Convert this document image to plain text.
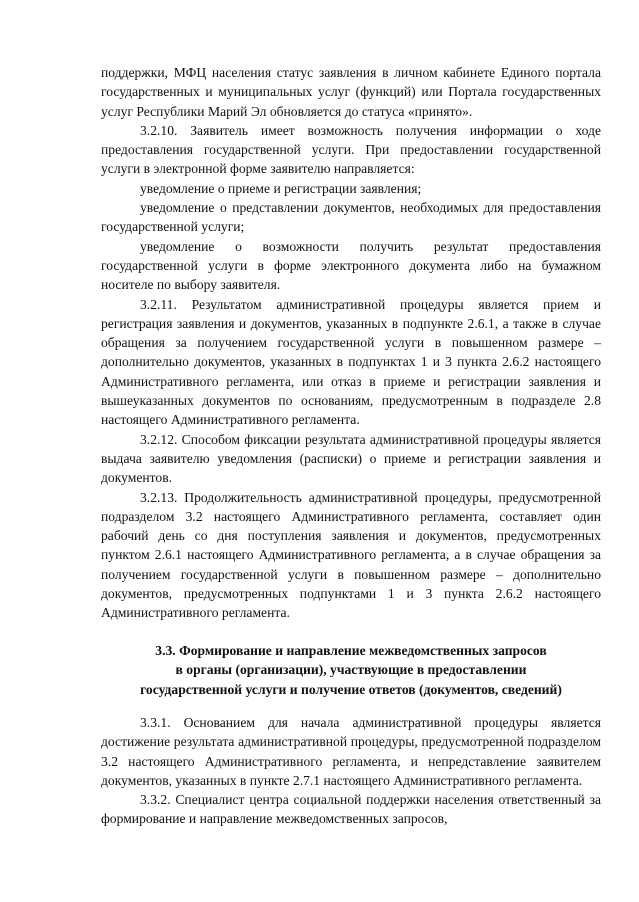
поддержки, МФЦ населения статус заявления в личном кабинете Единого портала государственных и муниципальных услуг (функций) или Портала государственных услуг Республики Марий Эл обновляется до статуса «принято».

3.2.10. Заявитель имеет возможность получения информации о ходе предоставления государственной услуги. При предоставлении государственной услуги в электронной форме заявителю направляется:

уведомление о приеме и регистрации заявления;

уведомление о представлении документов, необходимых для предоставления государственной услуги;

уведомление о возможности получить результат предоставления государственной услуги в форме электронного документа либо на бумажном носителе по выбору заявителя.

3.2.11. Результатом административной процедуры является прием и регистрация заявления и документов, указанных в подпункте 2.6.1, а также в случае обращения за получением государственной услуги в повышенном размере – дополнительно документов, указанных в подпунктах 1 и 3 пункта 2.6.2 настоящего Административного регламента, или отказ в приеме и регистрации заявления и вышеуказанных документов по основаниям, предусмотренным в подразделе 2.8 настоящего Административного регламента.

3.2.12. Способом фиксации результата административной процедуры является выдача заявителю уведомления (расписки) о приеме и регистрации заявления и документов.

3.2.13. Продолжительность административной процедуры, предусмотренной подразделом 3.2 настоящего Административного регламента, составляет один рабочий день со дня поступления заявления и документов, предусмотренных пунктом 2.6.1 настоящего Административного регламента, а в случае обращения за получением государственной услуги в повышенном размере – дополнительно документов, предусмотренных подпунктами 1 и 3 пункта 2.6.2 настоящего Административного регламента.

3.3. Формирование и направление межведомственных запросов
в органы (организации), участвующие в предоставлении
государственной услуги и получение ответов (документов, сведений)

3.3.1. Основанием для начала административной процедуры является достижение результата административной процедуры, предусмотренной подразделом 3.2 настоящего Административного регламента, и непредставление заявителем документов, указанных в пункте 2.7.1 настоящего Административного регламента.

3.3.2. Специалист центра социальной поддержки населения ответственный за формирование и направление межведомственных запросов,
